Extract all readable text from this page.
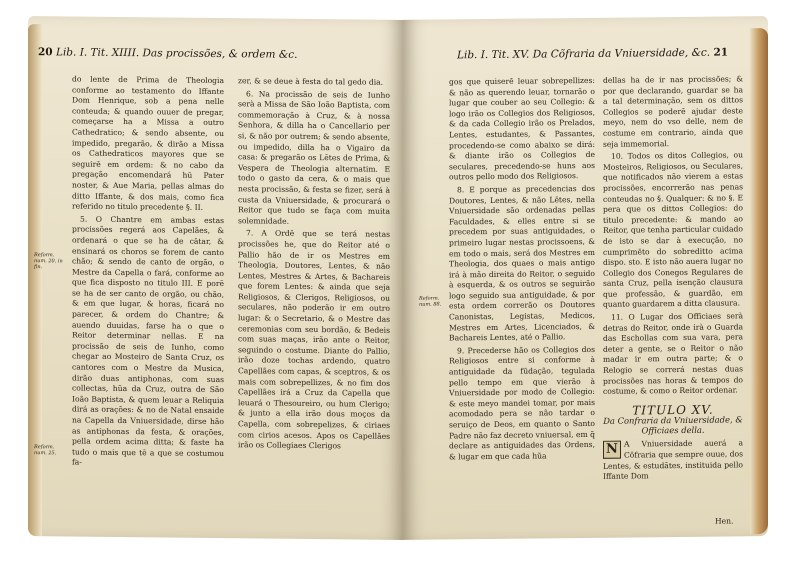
20 Lib. I. Tit. XIIII. Das procissões, & ordem &c.
Reform. num. 20. in fin.
Reform. num. 25.

do lente de Prima de Theologia conforme ao testamento do Iffante Dom Henrique, sob a pena nelle conteuda; & quando ouuer de pregar, começarse ha a Missa a outro Cathedratico; & sendo absente, ou impedido, pregarão, & dirão a Missa os Cathedraticos mayores que se seguirē em ordem: & no cabo da pregação encomendará hū Pater noster, & Aue Maria, pellas almas do ditto Iffante, & dos mais, como fica referido no titulo precedente §. II.

5. O Chantre em ambas estas procissões regerá aos Capelães, & ordenará o que se ha de cātar, & ensinará os choros se forem de canto chão; & sendo de canto de orgão, o Mestre da Capella o fará, conforme ao que fica disposto no titulo III. E porē se ha de ser canto de orgão, ou chão, & em que lugar, & horas, ficará no parecer, & ordem do Chantre; & auendo duuidas, farse ha o que o Reitor determinar nellas. E na procissão de seis de Iunho, como chegar ao Mosteiro de Santa Cruz, os cantores com o Mestre da Musica, dirão duas antiphonas, com suas collectas, hũa da Cruz, outra de São Ioão Baptista, & quem leuar a Reliquia dirá as orações: & no de Natal ensaide na Capella da Vniuersidade, dirse hão as antiphonas da festa, & orações, pella ordem acima ditta; & faste ha tudo o mais que tē a que se costumou fa-

zer, & se deue à festa do tal gedo dia.

6. Na procissão de seis de Iunho serà a Missa de São Ioão Baptista, com commemoração à Cruz, & à nossa Senhora, & dilla ha o Cancellario per si, & não por outrem; & sendo absente, ou impedido, dilla ha o Vigairo da casa: & pregarão os Lētes de Prima, & Vespera de Theologia alternatim. E todo o gasto da cera, & o mais que nesta procissão, & festa se fizer, será à custa da Vniuersidade, & procurará o Reitor que tudo se faça com muita solemnidade.

7. A Ordē que se terá nestas procissões he, que do Reitor até o Pallio hão de ir os Mestres em Theologia, Doutores, Lentes, & não Lentes, Mestres & Artes, & Bachareis que forem Lentes: & ainda que seja Religiosos, & Clerigos, Religiosos, ou seculares, não poderão ir em outro lugar: & o Secretario, & o Mestre das ceremonias com seu bordão, & Bedeis com suas maças, irão ante o Reitor, seguindo o costume. Diante do Pallio, irão doze tochas ardendo, quatro Capellães com capas, & sceptros, & os mais com sobrepellizes, & no fim dos Capellães irá a Cruz da Capella que leuará o Thesoureiro, ou hum Clerigo; & junto a ella irão dous moços da Capella, com sobrepelizes, & ciriaes com cirios acesos. Apos os Capellães irão os Collegiaes Clerigos

Lib. I. Tit. XV. Da Cõfraria da Vniuersidade, &c. 21
Reform. num. 88.

gos que quiserē leuar sobrepellizes: & não as querendo leuar, tornarão o lugar que couber ao seu Collegio: & logo irão os Collegios dos Religiosos, & da cada Collegio irão os Prelados, Lentes, estudantes, & Passantes, procedendo-se como abaixo se dirá: & diante irão os Collegios de seculares, precedendo-se huns aos outros pello modo dos Religiosos.

8. E porque as precedencias dos Doutores, Lentes, & não Lētes, nella Vniuersidade são ordenadas pellas Faculdades, & elles entre si se precedem por suas antiguidades, o primeiro lugar nestas procissoens, & em todo o mais, será dos Mestres em Theologia, dos quaes o mais antigo irá à mão direita do Reitor, o seguido à esquerda, & os outros se seguirão logo seguido sua antiguidade, & por esta ordem correrão os Doutores Canonistas, Legistas, Medicos, Mestres em Artes, Licenciados, & Bachareis Lentes, até o Pallio.

9. Precederse hão os Collegios dos Religiosos entre si conforme à antiguidade da fūdação, tegulada pello tempo em que vierão à Vniuersidade por modo de Collegio: & este meyo mandei tomar, por mais acomodado pera se não tardar o seruiço de Deos, em quanto o Santo Padre não faz decreto vniuersal, em q̃ declare as antiguidades das Ordens, & lugar em que cada hũa

dellas ha de ir nas procissões; & por que declarando, guardar se ha a tal determinação, sem os dittos Collegios se poderē ajudar deste meyo, nem do vso delle, nem de costume em contrario, ainda que seja immemorial.

10. Todos os ditos Collegios, ou Mosteiros, Religiosos, ou Seculares, que notificados não vierem a estas procissões, encorrerão nas penas conteudas no §. Qualquer: & no §. E pera que os dittos Collegios: do titulo precedente: & mando ao Reitor, que tenha particular cuidado de isto se dar à execução, no cumprimēto do sobreditto acima dispo. sto. E isto não auera lugar no Collegio dos Conegos Regulares de santa Cruz, pella isenção clausura que professão, & guardão, em quanto guardarem a ditta clausura.

11. O Lugar dos Officiaes serà detras do Reitor, onde irà o Guarda das Eschollas com sua vara, pera deter a gente, se o Reitor o não madar ir em outra parte; & o Relogio se correrá nestas duas procissões nas horas & tempos do costume, & como o Reitor ordenar.

TITULO XV.
Da Confraria da Vniuersidade, & Officiaes della.

N A Vniuersidade auerá a Cōfraria que sempre ouue, dos Lentes, & estudātes, instituida pello Iffante Dom

Hen.
